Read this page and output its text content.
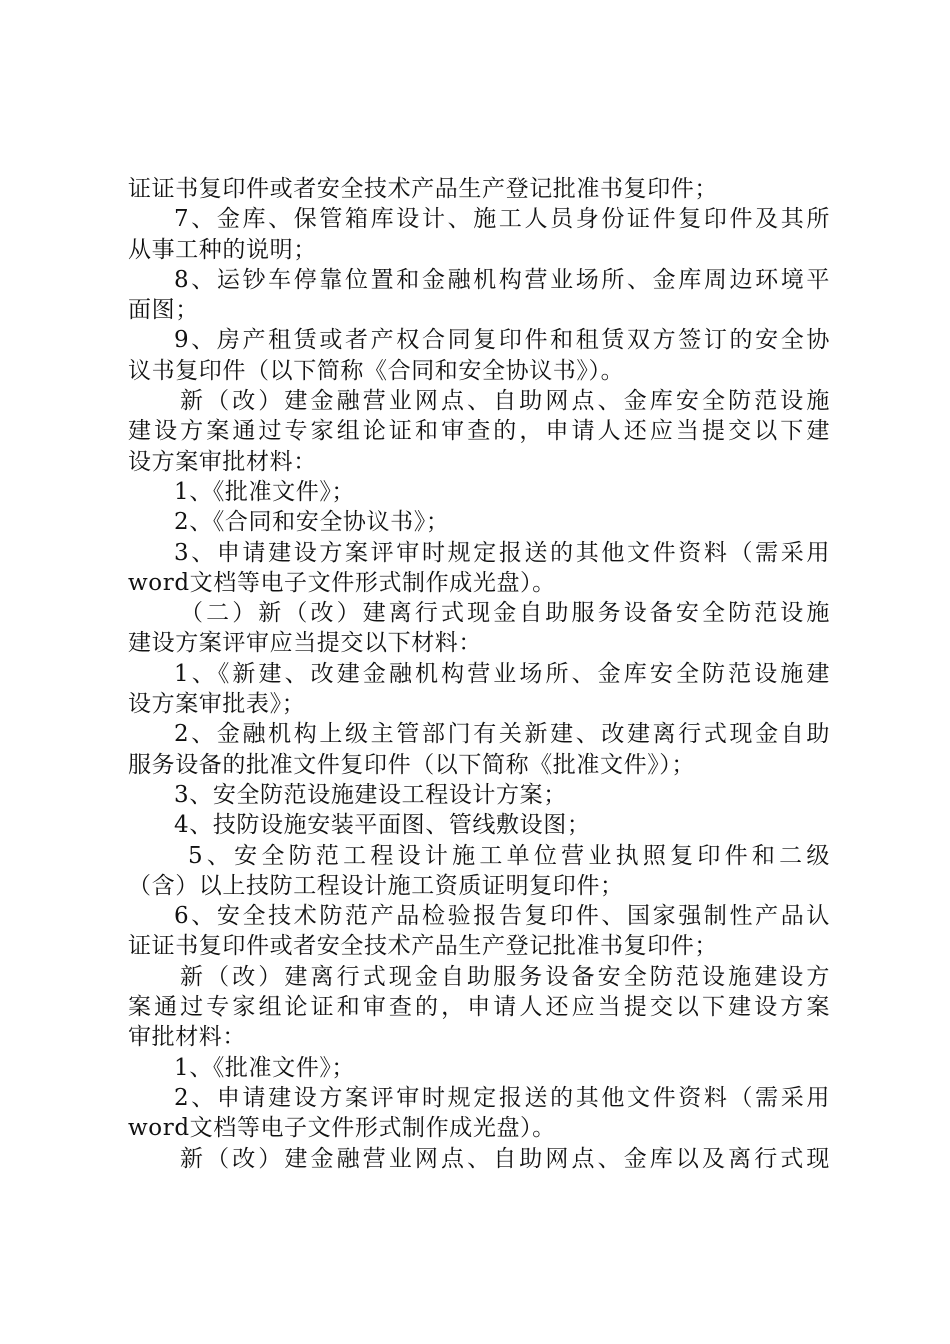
证证书复印件或者安全技术产品生产登记批准书复印件；
7、金库、保管箱库设计、施工人员身份证件复印件及其所
从事工种的说明；
8、运钞车停靠位置和金融机构营业场所、金库周边环境平
面图；
9、房产租赁或者产权合同复印件和租赁双方签订的安全协
议书复印件（以下简称《合同和安全协议书》）。
新（改）建金融营业网点、自助网点、金库安全防范设施
建设方案通过专家组论证和审查的，申请人还应当提交以下建
设方案审批材料：
1、《批准文件》；
2、《合同和安全协议书》；
3、申请建设方案评审时规定报送的其他文件资料（需采用
word文档等电子文件形式制作成光盘）。
（二）新（改）建离行式现金自助服务设备安全防范设施
建设方案评审应当提交以下材料：
1、《新建、改建金融机构营业场所、金库安全防范设施建
设方案审批表》；
2、金融机构上级主管部门有关新建、改建离行式现金自助
服务设备的批准文件复印件（以下简称《批准文件》）；
3、安全防范设施建设工程设计方案；
4、技防设施安装平面图、管线敷设图；
5、安全防范工程设计施工单位营业执照复印件和二级
（含）以上技防工程设计施工资质证明复印件；
6、安全技术防范产品检验报告复印件、国家强制性产品认
证证书复印件或者安全技术产品生产登记批准书复印件；
新（改）建离行式现金自助服务设备安全防范设施建设方
案通过专家组论证和审查的，申请人还应当提交以下建设方案
审批材料：
1、《批准文件》；
2、申请建设方案评审时规定报送的其他文件资料（需采用
word文档等电子文件形式制作成光盘）。
新（改）建金融营业网点、自助网点、金库以及离行式现
